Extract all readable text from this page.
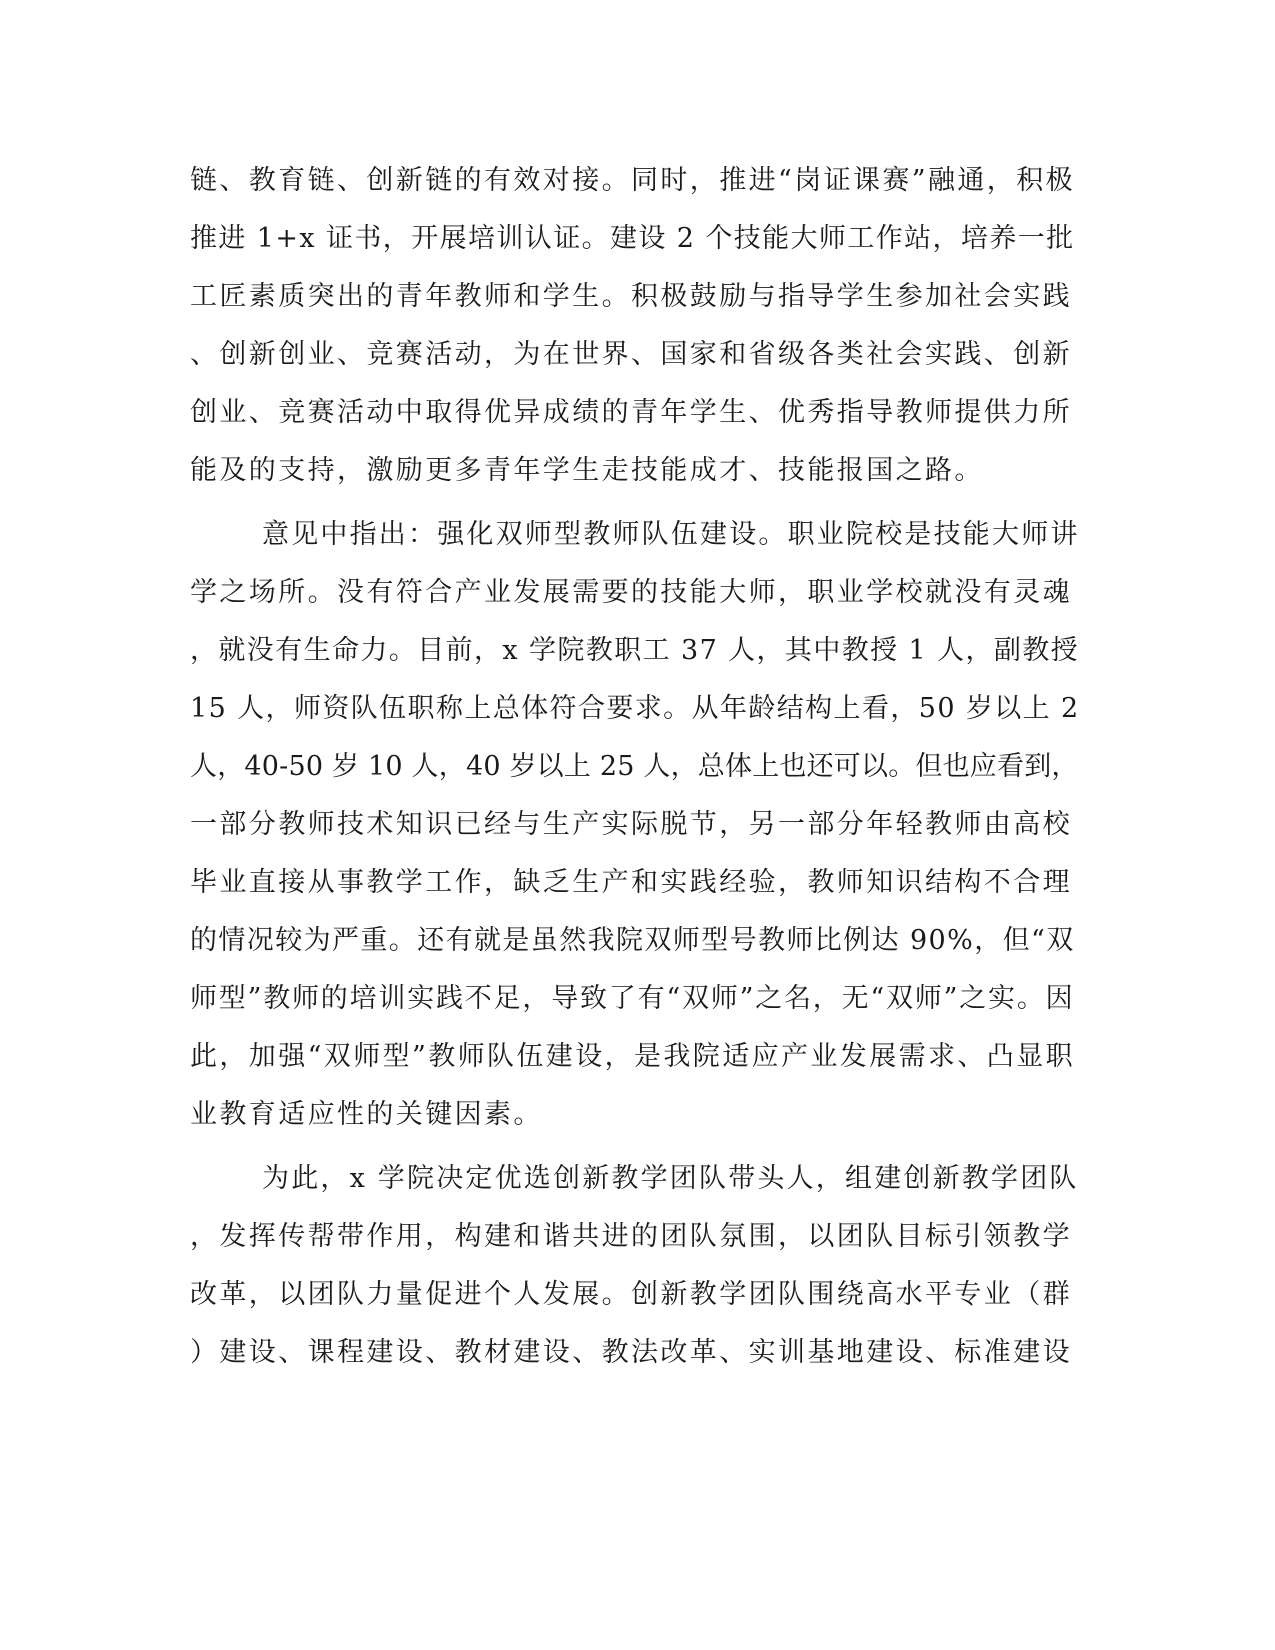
链、教育链、创新链的有效对接。同时，推进“岗证课赛”融通，积极
推进 1+x 证书，开展培训认证。建设 2 个技能大师工作站，培养一批
工匠素质突出的青年教师和学生。积极鼓励与指导学生参加社会实践
、创新创业、竞赛活动，为在世界、国家和省级各类社会实践、创新
创业、竞赛活动中取得优异成绩的青年学生、优秀指导教师提供力所
能及的支持，激励更多青年学生走技能成才、技能报国之路。
意见中指出：强化双师型教师队伍建设。职业院校是技能大师讲
学之场所。没有符合产业发展需要的技能大师，职业学校就没有灵魂
，就没有生命力。目前，x 学院教职工 37 人，其中教授 1 人，副教授
15 人，师资队伍职称上总体符合要求。从年龄结构上看，50 岁以上 2
人，40-50 岁 10 人，40 岁以上 25 人，总体上也还可以。但也应看到，
一部分教师技术知识已经与生产实际脱节，另一部分年轻教师由高校
毕业直接从事教学工作，缺乏生产和实践经验，教师知识结构不合理
的情况较为严重。还有就是虽然我院双师型号教师比例达 90%，但“双
师型”教师的培训实践不足，导致了有“双师”之名，无“双师”之实。因
此，加强“双师型”教师队伍建设，是我院适应产业发展需求、凸显职
业教育适应性的关键因素。
为此，x 学院决定优选创新教学团队带头人，组建创新教学团队
，发挥传帮带作用，构建和谐共进的团队氛围，以团队目标引领教学
改革，以团队力量促进个人发展。创新教学团队围绕高水平专业（群
）建设、课程建设、教材建设、教法改革、实训基地建设、标准建设
